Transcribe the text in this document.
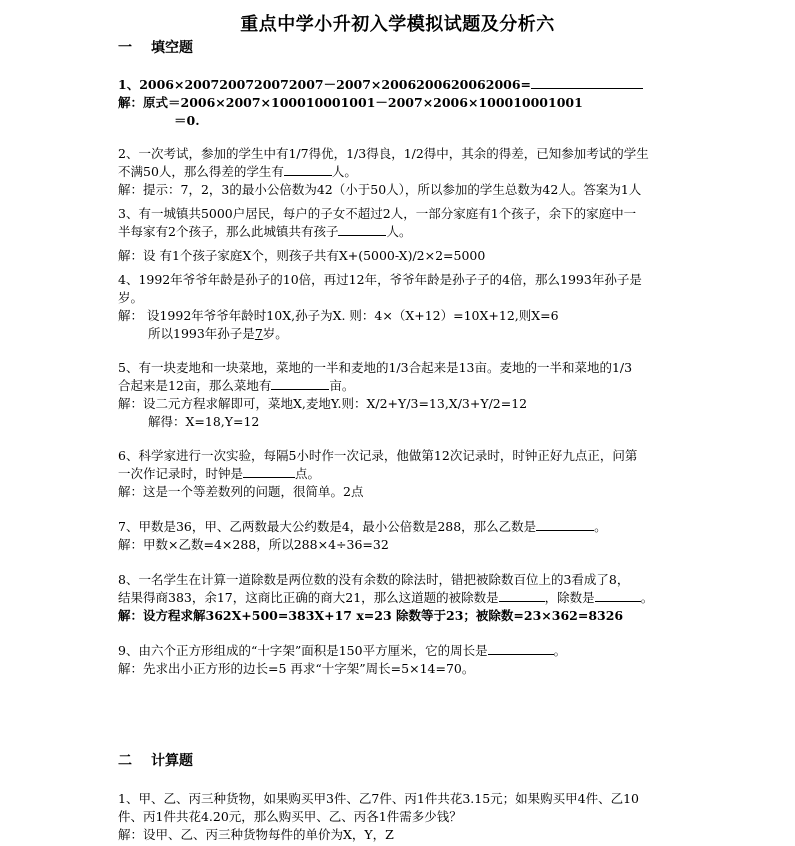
重点中学小升初入学模拟试题及分析六
一 填空题
1、2006×2007200720072007－2007×2006200620062006=
解：原式＝2006×2007×100010001001－2007×2006×100010001001
＝0.
2、一次考试，参加的学生中有1/7得优，1/3得良，1/2得中，其余的得差，已知参加考试的学生
不满50人，那么得差的学生有	人。
解：提示：7，2，3的最小公倍数为42（小于50人），所以参加的学生总数为42人。答案为1人
3、有一城镇共5000户居民，每户的子女不超过2人，一部分家庭有1个孩子，余下的家庭中一
半每家有2个孩子，那么此城镇共有孩子	人。
解：设 有1个孩子家庭X个，则孩子共有X+(5000-X)/2×2=5000
4、1992年爷爷年龄是孙子的10倍，再过12年，爷爷年龄是孙子子的4倍，那么1993年孙子是
岁。
解： 设1992年爷爷年龄时10X,孙子为X. 则：4×（X+12）=10X+12,则X=6
所以1993年孙子是7岁。
5、有一块麦地和一块菜地，菜地的一半和麦地的1/3合起来是13亩。麦地的一半和菜地的1/3
合起来是12亩，那么菜地有	亩。
解：设二元方程求解即可，菜地X,麦地Y.则：X/2+Y/3=13,X/3+Y/2=12
解得：X=18,Y=12
6、科学家进行一次实验，每隔5小时作一次记录，他做第12次记录时，时钟正好九点正，问第
一次作记录时，时钟是	点。
解：这是一个等差数列的问题，很简单。2点
7、甲数是36，甲、乙两数最大公约数是4，最小公倍数是288，那么乙数是	。
解：甲数×乙数=4×288，所以288×4÷36=32
8、一名学生在计算一道除数是两位数的没有余数的除法时，错把被除数百位上的3看成了8，
结果得商383，余17，这商比正确的商大21，那么这道题的被除数是	，除数是	。
解：设方程求解362X+500=383X+17 x=23 除数等于23；被除数=23×362=8326
9、由六个正方形组成的“十字架”面积是150平方厘米，它的周长是	。
解：先求出小正方形的边长=5 再求“十字架”周长=5×14=70。
二 计算题
1、甲、乙、丙三种货物，如果购买甲3件、乙7件、丙1件共花3.15元；如果购买甲4件、乙10
件、丙1件共花4.20元，那么购买甲、乙、丙各1件需多少钱？
解：设甲、乙、丙三种货物每件的单价为X，Y，Z
